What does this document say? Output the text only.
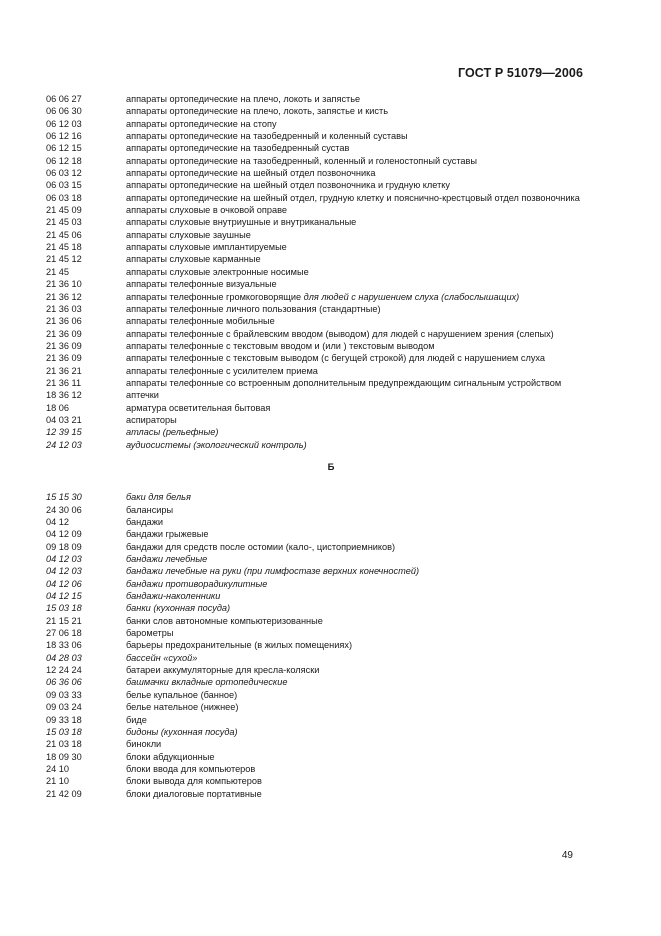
ГОСТ Р 51079—2006
06 06 27	аппараты ортопедические на плечо, локоть и запястье
06 06 30	аппараты ортопедические на плечо, локоть, запястье и кисть
06 12 03	аппараты ортопедические на стопу
06 12 16	аппараты ортопедические на тазобедренный и коленный суставы
06 12 15	аппараты ортопедические на тазобедренный сустав
06 12 18	аппараты ортопедические на тазобедренный, коленный и голеностопный суставы
06 03 12	аппараты ортопедические на шейный отдел позвоночника
06 03 15	аппараты ортопедические на шейный отдел позвоночника и грудную клетку
06 03 18	аппараты ортопедические на шейный отдел, грудную клетку и пояснично-крестцовый отдел позвоночника
21 45 09	аппараты слуховые в очковой оправе
21 45 03	аппараты слуховые внутриушные и внутриканальные
21 45 06	аппараты слуховые заушные
21 45 18	аппараты слуховые имплантируемые
21 45 12	аппараты слуховые карманные
21 45	аппараты слуховые электронные носимые
21 36 10	аппараты телефонные визуальные
21 36 12	аппараты телефонные громкоговорящие для людей с нарушением слуха (слабослышащих)
21 36 03	аппараты телефонные личного пользования (стандартные)
21 36 06	аппараты телефонные мобильные
21 36 09	аппараты телефонные с брайлевским вводом (выводом) для людей с нарушением зрения (слепых)
21 36 09	аппараты телефонные с текстовым вводом и (или ) текстовым выводом
21 36 09	аппараты телефонные с текстовым выводом (с бегущей строкой) для людей с нарушением слуха
21 36 21	аппараты телефонные с усилителем приема
21 36 11	аппараты телефонные со встроенным дополнительным предупреждающим сигнальным устройством
18 36 12	аптечки
18 06	арматура осветительная бытовая
04 03 21	аспираторы
12 39 15	атласы (рельефные)
24 12 03	аудиосистемы (экологический контроль)
Б
15 15 30	баки для белья
24 30 06	балансиры
04 12	бандажи
04 12 09	бандажи грыжевые
09 18 09	бандажи для средств после остомии (кало-, цистоприемников)
04 12 03	бандажи лечебные
04 12 03	бандажи лечебные на руки (при лимфостазе верхних конечностей)
04 12 06	бандажи противорадикулитные
04 12 15	бандажи-наколенники
15 03 18	банки (кухонная посуда)
21 15 21	банки слов автономные компьютеризованные
27 06 18	барометры
18 33 06	барьеры предохранительные (в жилых помещениях)
04 28 03	бассейн «сухой»
12 24 24	батареи аккумуляторные для кресла-коляски
06 36 06	башмачки вкладные ортопедические
09 03 33	белье купальное (банное)
09 03 24	белье нательное (нижнее)
09 33 18	биде
15 03 18	бидоны (кухонная посуда)
21 03 18	бинокли
18 09 30	блоки абдукционные
24 10	блоки ввода для компьютеров
21 10	блоки вывода для компьютеров
21 42 09	блоки диалоговые портативные
49
